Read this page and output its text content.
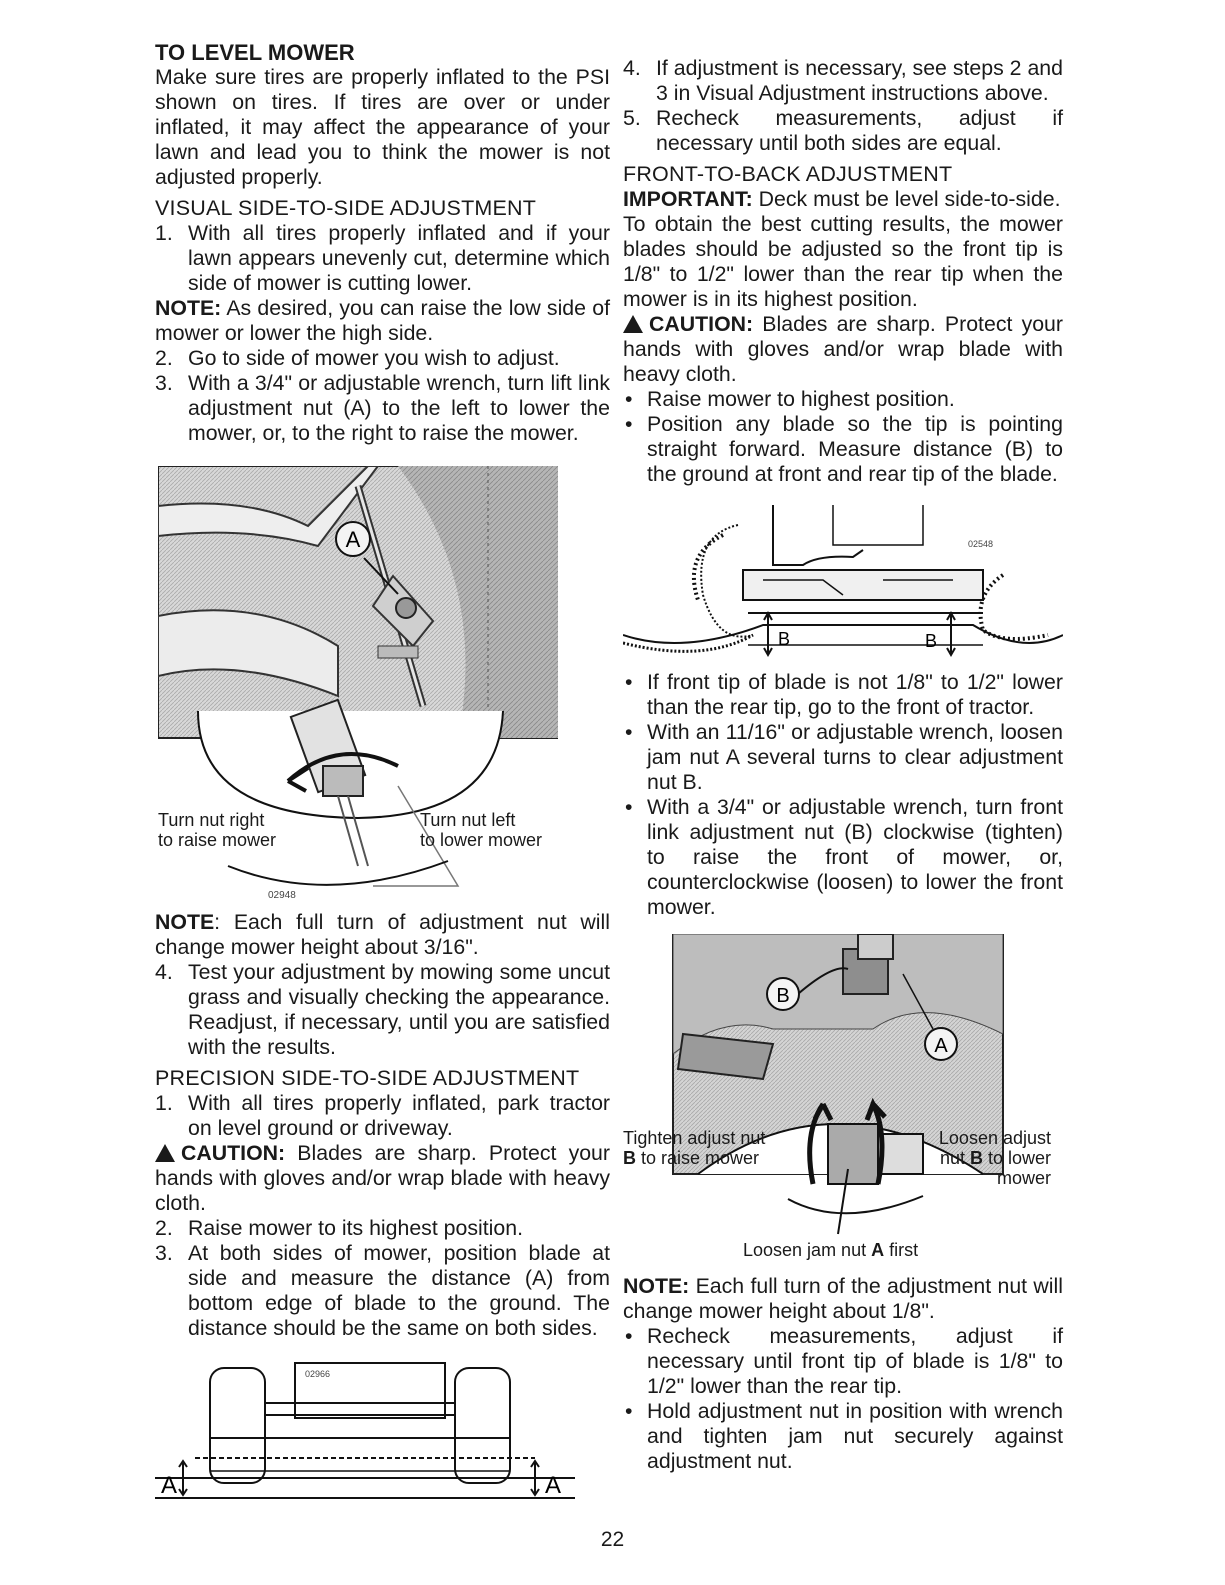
TO LEVEL MOWER

Make sure tires are properly inflated to the PSI shown on tires. If tires are over or under inflated, it may affect the appearance of your lawn and lead you to think the mower is not adjusted properly.

VISUAL SIDE-TO-SIDE ADJUSTMENT

1. With all tires properly inflated and if your lawn appears unevenly cut, determine which side of mower is cutting lower.

NOTE: As desired, you can raise the low side of mower or lower the high side.

2. Go to side of mower you wish to adjust.
3. With a 3/4" or adjustable wrench, turn lift link adjustment nut (A) to the left to lower the mower, or, to the right to raise the mower.
A
02948
Turn nut right
to raise mower
Turn nut left
to lower mower

NOTE: Each full turn of adjustment nut will change mower height about 3/16".

4. Test your adjustment by mowing some uncut grass and visually checking the appearance. Readjust, if necessary, until you are satisfied with the results.

PRECISION SIDE-TO-SIDE ADJUSTMENT

1. With all tires properly inflated, park tractor on level ground or driveway.

CAUTION: Blades are sharp. Protect your hands with gloves and/or wrap blade with heavy cloth.

2. Raise mower to its highest position.
3. At both sides of mower, position blade at side and measure the distance (A) from bottom edge of blade to the ground. The distance should be the same on both sides.
02966
A	A
4. If adjustment is necessary, see steps 2 and 3 in Visual Adjustment instructions above.
5. Recheck measurements, adjust if necessary until both sides are equal.

FRONT-TO-BACK ADJUSTMENT

IMPORTANT: Deck must be level side-to-side.

To obtain the best cutting results, the mower blades should be adjusted so the front tip is 1/8" to 1/2" lower than the rear tip when the mower is in its highest position.

CAUTION: Blades are sharp. Protect your hands with gloves and/or wrap blade with heavy cloth.

• Raise mower to highest position.
• Position any blade so the tip is pointing straight forward. Measure distance (B) to the ground at front and rear tip of the blade.
02548
B	B
• If front tip of blade is not 1/8" to 1/2" lower than the rear tip, go to the front of tractor.
• With an 11/16" or adjustable wrench, loosen jam nut A several turns to clear adjustment nut B.
• With a 3/4" or adjustable wrench, turn front link adjustment nut (B) clockwise (tighten) to raise the front of mower, or, counterclockwise (loosen) to lower the front mower.
B
A
Tighten adjust nut
B to raise mower
Loosen adjust
nut B to lower
mower
Loosen jam nut A first

NOTE: Each full turn of the adjustment nut will change mower height about 1/8".

• Recheck measurements, adjust if necessary until front tip of blade is 1/8" to 1/2" lower than the rear tip.
• Hold adjustment nut in position with wrench and tighten jam nut securely against adjustment nut.
22
